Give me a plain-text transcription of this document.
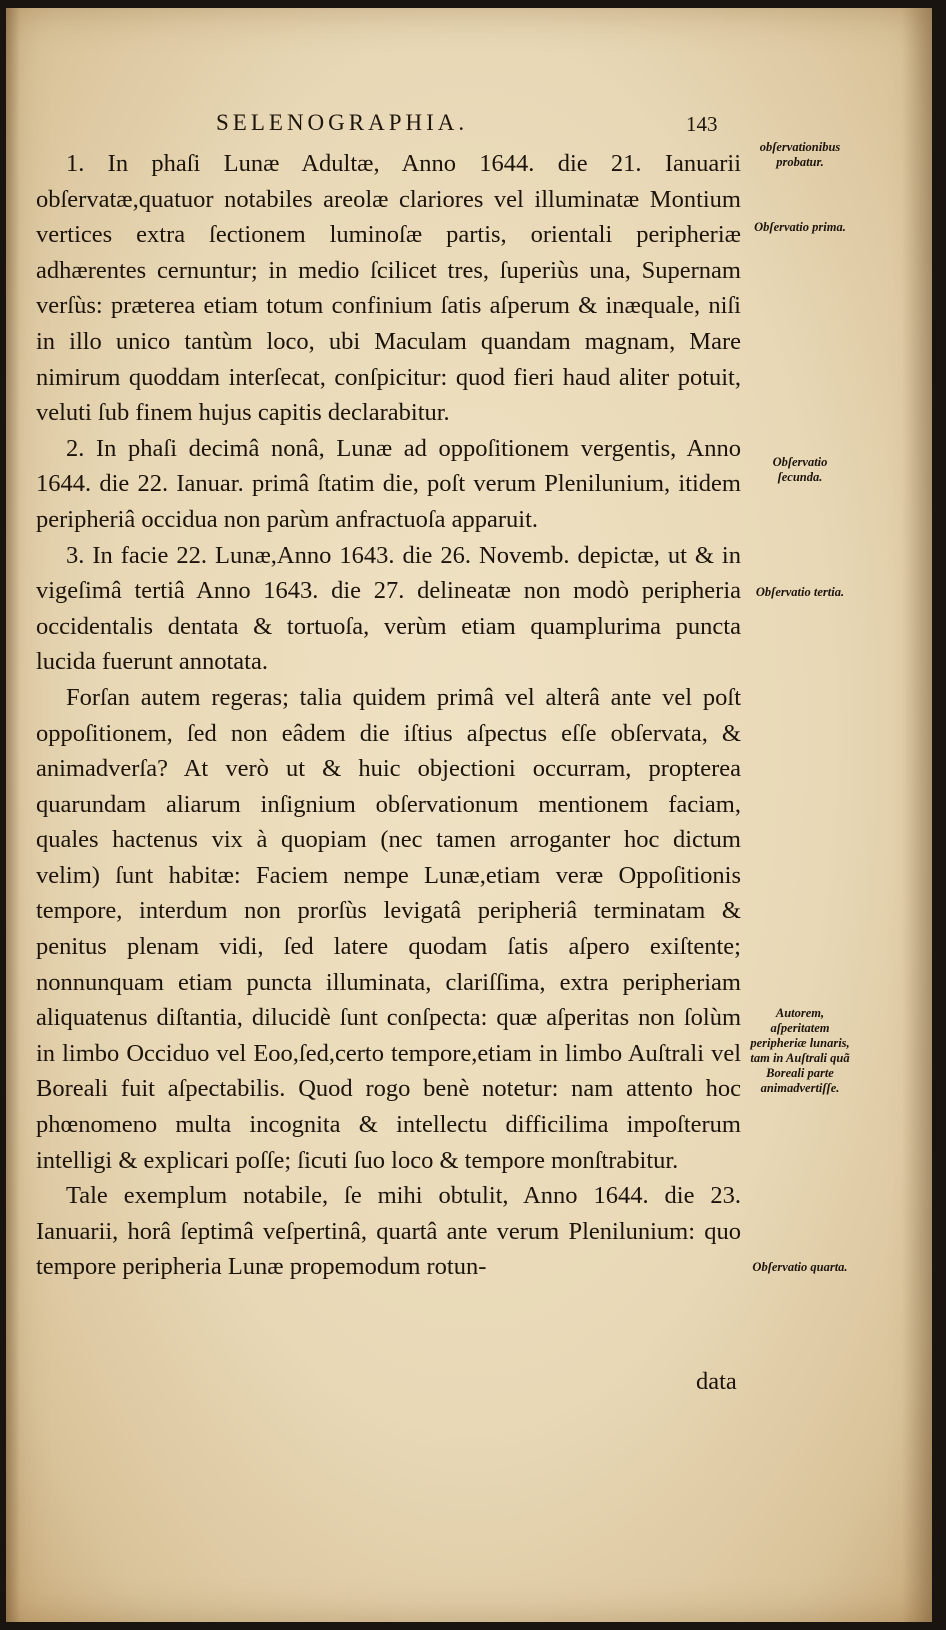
SELENOGRAPHIA.	143

1. In phaſi Lunæ Adultæ, Anno 1644. die 21. Ianuarii obſervatæ,quatuor notabiles areolæ clariores vel illuminatæ Montium vertices extra ſectionem luminoſæ partis, orientali peripheriæ adhærentes cernuntur; in medio ſcilicet tres, ſuperiùs una, Supernam verſùs: præterea etiam totum confinium ſatis aſperum & inæquale, niſi in illo unico tantùm loco, ubi Maculam quandam magnam, Mare nimirum quoddam interſecat, conſpicitur: quod fieri haud aliter potuit, veluti ſub finem hujus capitis declarabitur.

2. In phaſi decimâ nonâ, Lunæ ad oppoſitionem vergentis, Anno 1644. die 22. Ianuar. primâ ſtatim die, poſt verum Plenilunium, itidem peripheriâ occidua non parùm anfractuoſa apparuit.

3. In facie 22. Lunæ,Anno 1643. die 26. Novemb. depictæ, ut & in vigeſimâ tertiâ Anno 1643. die 27. delineatæ non modò peripheria occidentalis dentata & tortuoſa, verùm etiam quamplurima puncta lucida fuerunt annotata.

Forſan autem regeras; talia quidem primâ vel alterâ ante vel poſt oppoſitionem, ſed non eâdem die iſtius aſpectus eſſe obſervata, & animadverſa? At verò ut & huic objectioni occurram, propterea quarundam aliarum inſignium obſervationum mentionem faciam, quales hactenus vix à quopiam (nec tamen arroganter hoc dictum velim) ſunt habitæ: Faciem nempe Lunæ,etiam veræ Oppoſitionis tempore, interdum non prorſùs levigatâ peripheriâ terminatam & penitus plenam vidi, ſed latere quodam ſatis aſpero exiſtente; nonnunquam etiam puncta illuminata, clariſſima, extra peripheriam aliquatenus diſtantia, dilucidè ſunt conſpecta: quæ aſperitas non ſolùm in limbo Occiduo vel Eoo,ſed,certo tempore,etiam in limbo Auſtrali vel Boreali fuit aſpectabilis. Quod rogo benè notetur: nam attento hoc phœnomeno multa incognita & intellectu difficilima impoſterum intelligi & explicari poſſe; ſicuti ſuo loco & tempore monſtrabitur.

Tale exemplum notabile, ſe mihi obtulit, Anno 1644. die 23. Ianuarii, horâ ſeptimâ veſpertinâ, quartâ ante verum Plenilunium: quo tempore peripheria Lunæ propemodum rotun-

data
obſervationibus probatur.
Obſervatio prima.
Obſervatio ſecunda.
Obſervatio tertia.
Autorem, aſperitatem peripheriæ lunaris, tam in Auſtrali quã Boreali parte animadvertiſſe.
Obſervatio quarta.
